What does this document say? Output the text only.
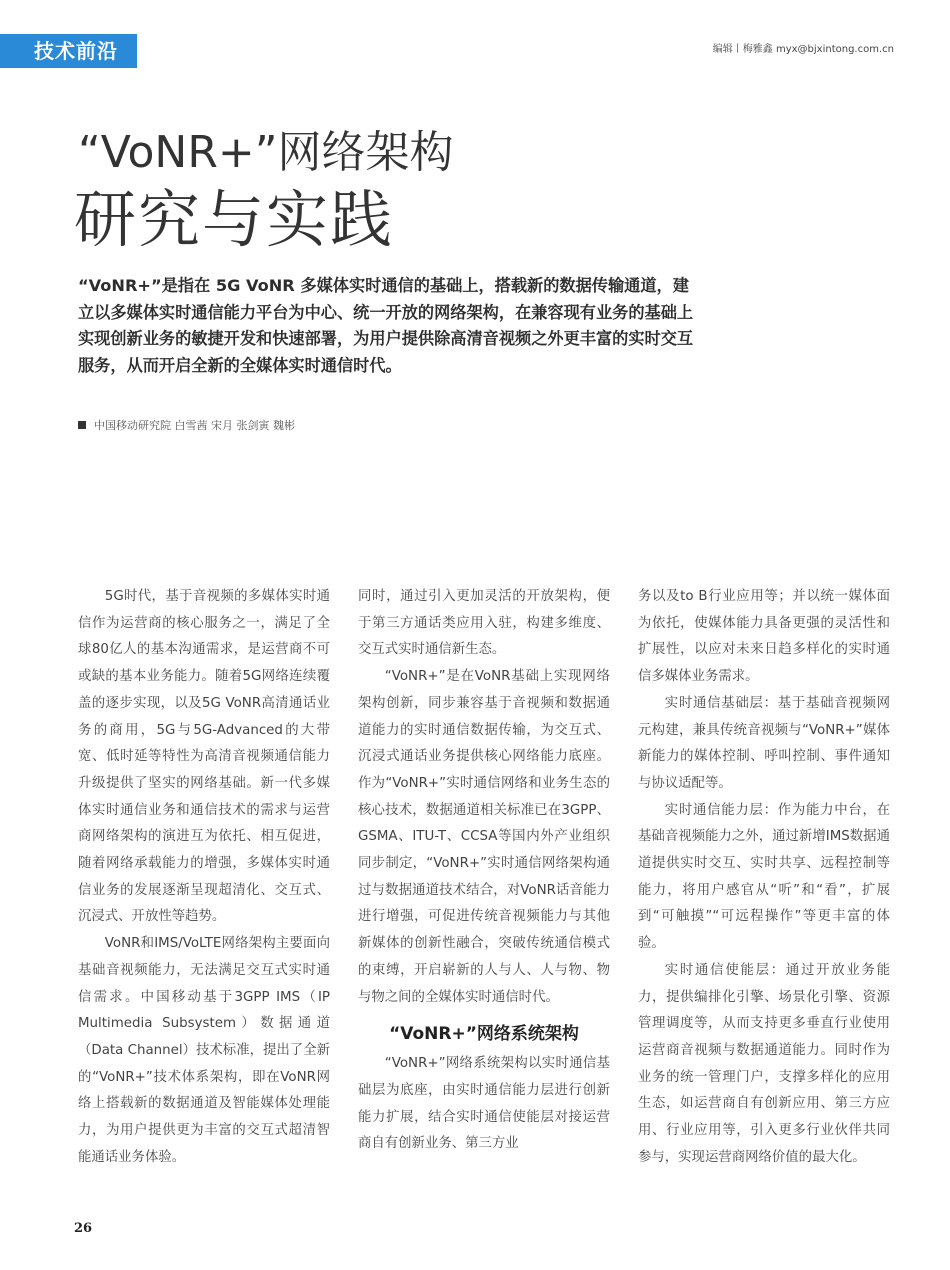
技术前沿	编辑丨梅雅鑫 myx@bjxintong.com.cn
“VoNR+”网络架构
研究与实践

“VoNR+”是指在 5G VoNR 多媒体实时通信的基础上，搭载新的数据传输通道，建立以多媒体实时通信能力平台为中心、统一开放的网络架构，在兼容现有业务的基础上实现创新业务的敏捷开发和快速部署，为用户提供除高清音视频之外更丰富的实时交互服务，从而开启全新的全媒体实时通信时代。

中国移动研究院 白雪茜 宋月 张剑寅 魏彬

5G时代，基于音视频的多媒体实时通信作为运营商的核心服务之一，满足了全球80亿人的基本沟通需求，是运营商不可或缺的基本业务能力。随着5G网络连续覆盖的逐步实现，以及5G VoNR高清通话业务的商用，5G与5G-Advanced的大带宽、低时延等特性为高清音视频通信能力升级提供了坚实的网络基础。新一代多媒体实时通信业务和通信技术的需求与运营商网络架构的演进互为依托、相互促进，随着网络承载能力的增强，多媒体实时通信业务的发展逐渐呈现超清化、交互式、沉浸式、开放性等趋势。

VoNR和IMS/VoLTE网络架构主要面向基础音视频能力，无法满足交互式实时通信需求。中国移动基于3GPP IMS（IP Multimedia Subsystem）数据通道（Data Channel）技术标准，提出了全新的“VoNR+”技术体系架构，即在VoNR网络上搭载新的数据通道及智能媒体处理能力，为用户提供更为丰富的交互式超清智能通话业务体验。

同时，通过引入更加灵活的开放架构，便于第三方通话类应用入驻，构建多维度、交互式实时通信新生态。

“VoNR+”是在VoNR基础上实现网络架构创新，同步兼容基于音视频和数据通道能力的实时通信数据传输，为交互式、沉浸式通话业务提供核心网络能力底座。作为“VoNR+”实时通信网络和业务生态的核心技术，数据通道相关标准已在3GPP、GSMA、ITU-T、CCSA等国内外产业组织同步制定，“VoNR+”实时通信网络架构通过与数据通道技术结合，对VoNR话音能力进行增强，可促进传统音视频能力与其他新媒体的创新性融合，突破传统通信模式的束缚，开启崭新的人与人、人与物、物与物之间的全媒体实时通信时代。

“VoNR+”网络系统架构

“VoNR+”网络系统架构以实时通信基础层为底座，由实时通信能力层进行创新能力扩展，结合实时通信使能层对接运营商自有创新业务、第三方业

务以及to B行业应用等；并以统一媒体面为依托，使媒体能力具备更强的灵活性和扩展性，以应对未来日趋多样化的实时通信多媒体业务需求。

实时通信基础层：基于基础音视频网元构建，兼具传统音视频与“VoNR+”媒体新能力的媒体控制、呼叫控制、事件通知与协议适配等。

实时通信能力层：作为能力中台，在基础音视频能力之外，通过新增IMS数据通道提供实时交互、实时共享、远程控制等能力，将用户感官从“听”和“看”，扩展到“可触摸”“可远程操作”等更丰富的体验。

实时通信使能层：通过开放业务能力，提供编排化引擎、场景化引擎、资源管理调度等，从而支持更多垂直行业使用运营商音视频与数据通道能力。同时作为业务的统一管理门户，支撑多样化的应用生态，如运营商自有创新应用、第三方应用、行业应用等，引入更多行业伙伴共同参与，实现运营商网络价值的最大化。

26
